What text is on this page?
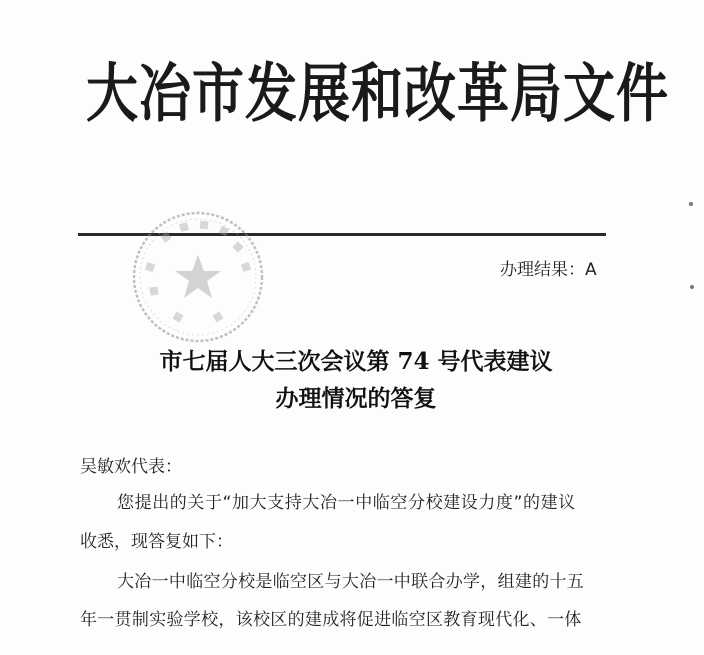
大冶市发展和改革局文件
办理结果：A
市七届人大三次会议第 74 号代表建议
办理情况的答复
吴敏欢代表：
您提出的关于“加大支持大冶一中临空分校建设力度”的建议
收悉，现答复如下：
大冶一中临空分校是临空区与大冶一中联合办学，组建的十五
年一贯制实验学校，该校区的建成将促进临空区教育现代化、一体
